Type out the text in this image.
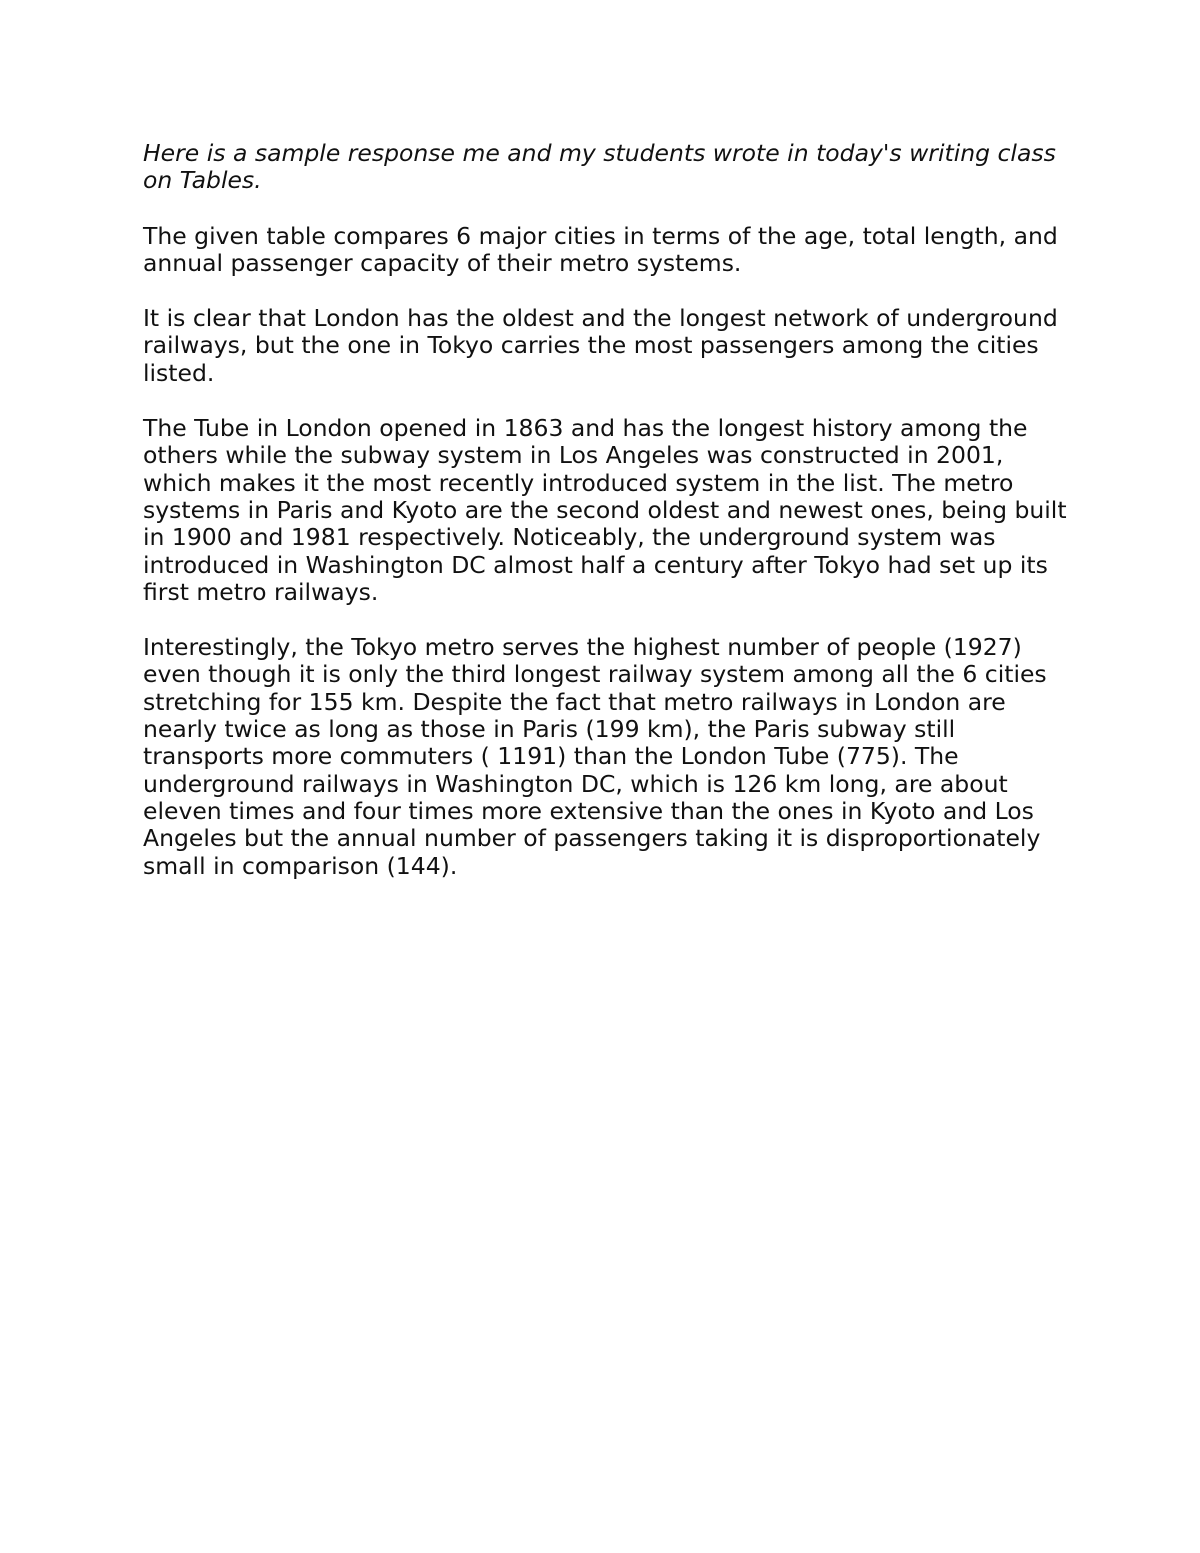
Here is a sample response me and my students wrote in today's writing class on Tables.

The given table compares 6 major cities in terms of the age, total length, and annual passenger capacity of their metro systems.

It is clear that London has the oldest and the longest network of underground railways, but the one in Tokyo carries the most passengers among the cities listed.

The Tube in London opened in 1863 and has the longest history among the others while the subway system in Los Angeles was constructed in 2001, which makes it the most recently introduced system in the list. The metro systems in Paris and Kyoto are the second oldest and newest ones, being built in 1900 and 1981 respectively. Noticeably, the underground system was introduced in Washington DC almost half a century after Tokyo had set up its first metro railways.

Interestingly, the Tokyo metro serves the highest number of people (1927) even though it is only the third longest railway system among all the 6 cities stretching for 155 km. Despite the fact that metro railways in London are nearly twice as long as those in Paris (199 km), the Paris subway still transports more commuters ( 1191) than the London Tube (775). The underground railways in Washington DC, which is 126 km long, are about eleven times and four times more extensive than the ones in Kyoto and Los Angeles but the annual number of passengers taking it is disproportionately small in comparison (144).
